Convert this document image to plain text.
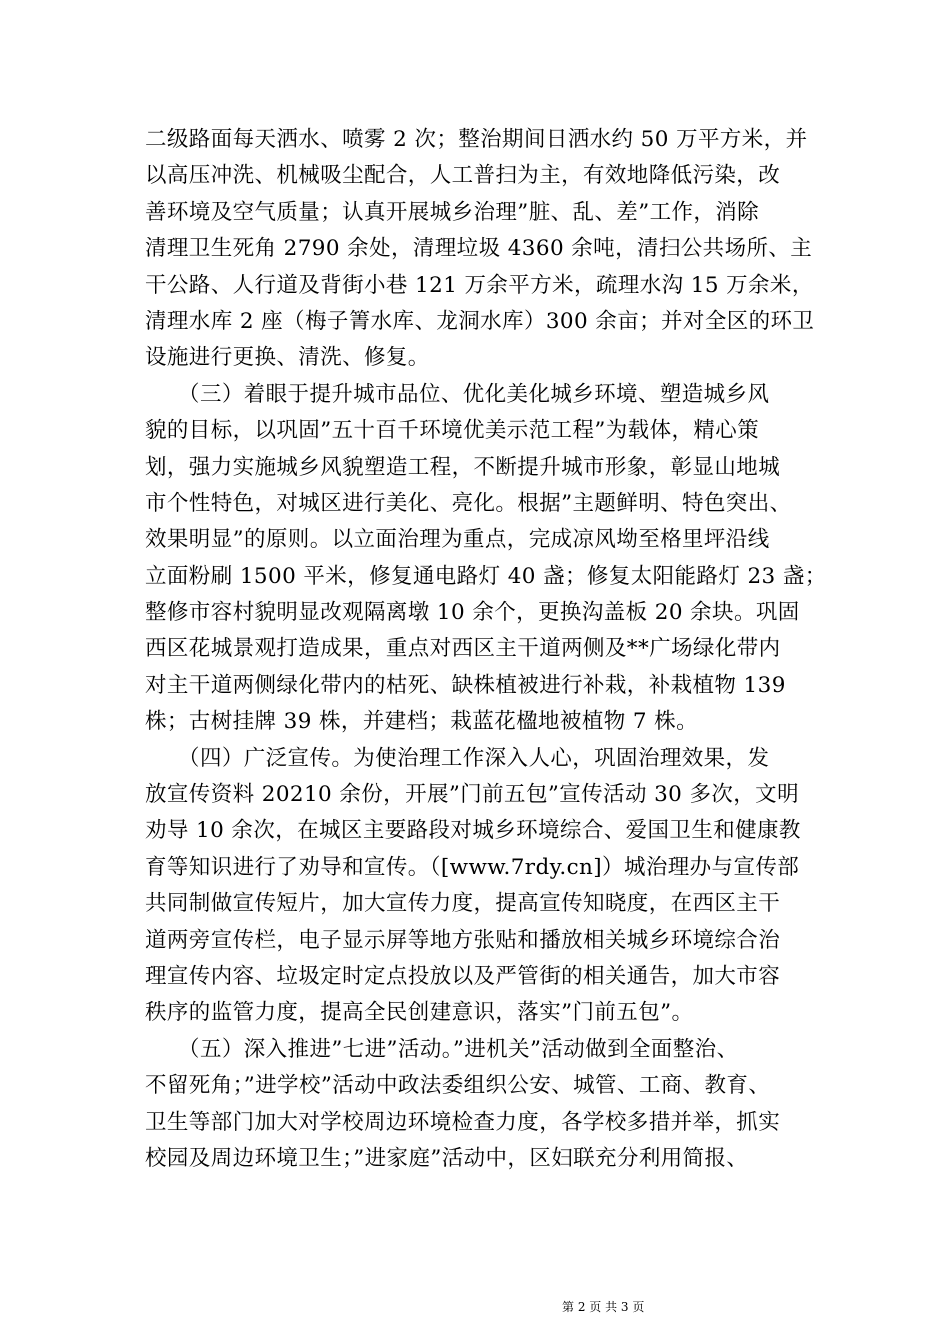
二级路面每天洒水、喷雾 2 次；整治期间日洒水约 50 万平方米，并
以高压冲洗、机械吸尘配合，人工普扫为主，有效地降低污染，改
善环境及空气质量；认真开展城乡治理”脏、乱、差”工作，消除
清理卫生死角 2790 余处，清理垃圾 4360 余吨，清扫公共场所、主
干公路、人行道及背街小巷 121 万余平方米，疏理水沟 15 万余米，
清理水库 2 座（梅子箐水库、龙洞水库）300 余亩；并对全区的环卫
设施进行更换、清洗、修复。
　　（三）着眼于提升城市品位、优化美化城乡环境、塑造城乡风
貌的目标，以巩固”五十百千环境优美示范工程”为载体，精心策
划，强力实施城乡风貌塑造工程，不断提升城市形象，彰显山地城
市个性特色，对城区进行美化、亮化。根据”主题鲜明、特色突出、
效果明显”的原则。以立面治理为重点，完成凉风坳至格里坪沿线
立面粉刷 1500 平米，修复通电路灯 40 盏；修复太阳能路灯 23 盏；
整修市容村貌明显改观隔离墩 10 余个，更换沟盖板 20 余块。巩固
西区花城景观打造成果，重点对西区主干道两侧及**广场绿化带内
对主干道两侧绿化带内的枯死、缺株植被进行补栽，补栽植物 139
株；古树挂牌 39 株，并建档；栽蓝花楹地被植物 7 株。
　　（四）广泛宣传。为使治理工作深入人心，巩固治理效果，发
放宣传资料 20210 余份，开展”门前五包”宣传活动 30 多次，文明
劝导 10 余次，在城区主要路段对城乡环境综合、爱国卫生和健康教
育等知识进行了劝导和宣传。（[www.7rdy.cn]）城治理办与宣传部
共同制做宣传短片，加大宣传力度，提高宣传知晓度，在西区主干
道两旁宣传栏，电子显示屏等地方张贴和播放相关城乡环境综合治
理宣传内容、垃圾定时定点投放以及严管街的相关通告，加大市容
秩序的监管力度，提高全民创建意识，落实”门前五包”。
　　（五）深入推进”七进”活动。”进机关”活动做到全面整治、
不留死角；”进学校”活动中政法委组织公安、城管、工商、教育、
卫生等部门加大对学校周边环境检查力度，各学校多措并举，抓实
校园及周边环境卫生；”进家庭”活动中，区妇联充分利用简报、
第 2 页 共 3 页
